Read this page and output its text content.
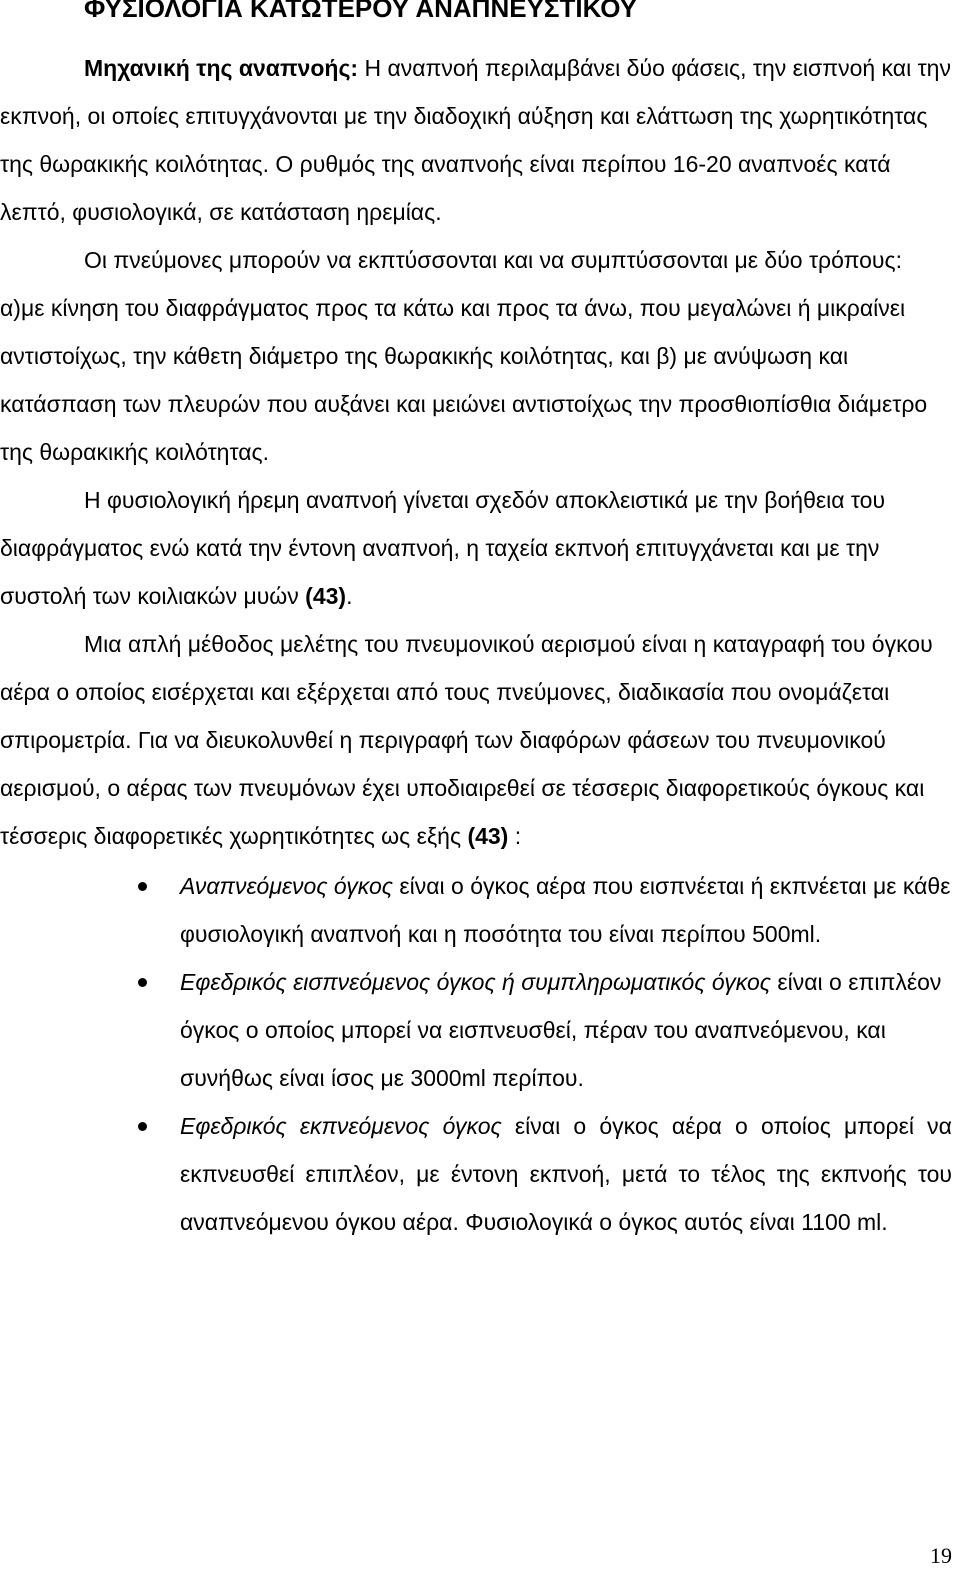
ΦΥΣΙΟΛΟΓΙΑ ΚΑΤΩΤΕΡΟΥ ΑΝΑΠΝΕΥΣΤΙΚΟΥ

Μηχανική της αναπνοής: Η αναπνοή περιλαμβάνει δύο φάσεις, την εισπνοή και την εκπνοή, οι οποίες επιτυγχάνονται με την διαδοχική αύξηση και ελάττωση της χωρητικότητας της θωρακικής κοιλότητας. Ο ρυθμός της αναπνοής είναι περίπου 16-20 αναπνοές κατά λεπτό, φυσιολογικά, σε κατάσταση ηρεμίας.

Οι πνεύμονες μπορούν να εκπτύσσονται και να συμπτύσσονται με δύο τρόπους: α)με κίνηση του διαφράγματος προς τα κάτω και προς τα άνω, που μεγαλώνει ή μικραίνει αντιστοίχως, την κάθετη διάμετρο της θωρακικής κοιλότητας, και β) με ανύψωση και κατάσπαση των πλευρών που αυξάνει και μειώνει αντιστοίχως την προσθιοπίσθια διάμετρο της θωρακικής κοιλότητας.

Η φυσιολογική ήρεμη αναπνοή γίνεται σχεδόν αποκλειστικά με την βοήθεια του διαφράγματος ενώ κατά την έντονη αναπνοή, η ταχεία εκπνοή επιτυγχάνεται και με την συστολή των κοιλιακών μυών (43).

Μια απλή μέθοδος μελέτης του πνευμονικού αερισμού είναι η καταγραφή του όγκου αέρα ο οποίος εισέρχεται και εξέρχεται από τους πνεύμονες, διαδικασία που ονομάζεται σπιρομετρία. Για να διευκολυνθεί η περιγραφή των διαφόρων φάσεων του πνευμονικού αερισμού, ο αέρας των πνευμόνων έχει υποδιαιρεθεί σε τέσσερις διαφορετικούς όγκους και τέσσερις διαφορετικές χωρητικότητες ως εξής (43) :

Αναπνεόμενος όγκος είναι ο όγκος αέρα που εισπνέεται ή εκπνέεται με κάθε φυσιολογική αναπνοή και η ποσότητα του είναι περίπου 500ml.
Εφεδρικός εισπνεόμενος όγκος ή συμπληρωματικός όγκος είναι ο επιπλέον όγκος ο οποίος μπορεί να εισπνευσθεί, πέραν του αναπνεόμενου, και συνήθως είναι ίσος με 3000ml περίπου.
Εφεδρικός εκπνεόμενος όγκος είναι ο όγκος αέρα ο οποίος μπορεί να εκπνευσθεί επιπλέον, με έντονη εκπνοή, μετά το τέλος της εκπνοής του αναπνεόμενου όγκου αέρα. Φυσιολογικά ο όγκος αυτός είναι 1100 ml.
19
